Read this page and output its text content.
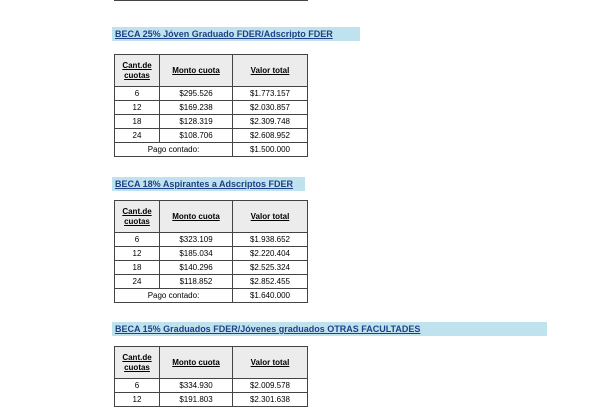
BECA 25% Jóven Graduado FDER/Adscripto FDER
Cant.de cuotas	Monto cuota	Valor total
6	$295.526	$1.773.157
12	$169.238	$2.030.857
18	$128.319	$2.309.748
24	$108.706	$2.608.952
Pago contado:		$1.500.000
BECA 18% Aspirantes a Adscriptos FDER
Cant.de cuotas	Monto cuota	Valor total
6	$323.109	$1.938.652
12	$185.034	$2.220.404
18	$140.296	$2.525.324
24	$118.852	$2.852.455
Pago contado:		$1.640.000
BECA 15% Graduados FDER/Jóvenes graduados OTRAS FACULTADES
Cant.de cuotas	Monto cuota	Valor total
6	$334.930	$2.009.578
12	$191.803	$2.301.638
